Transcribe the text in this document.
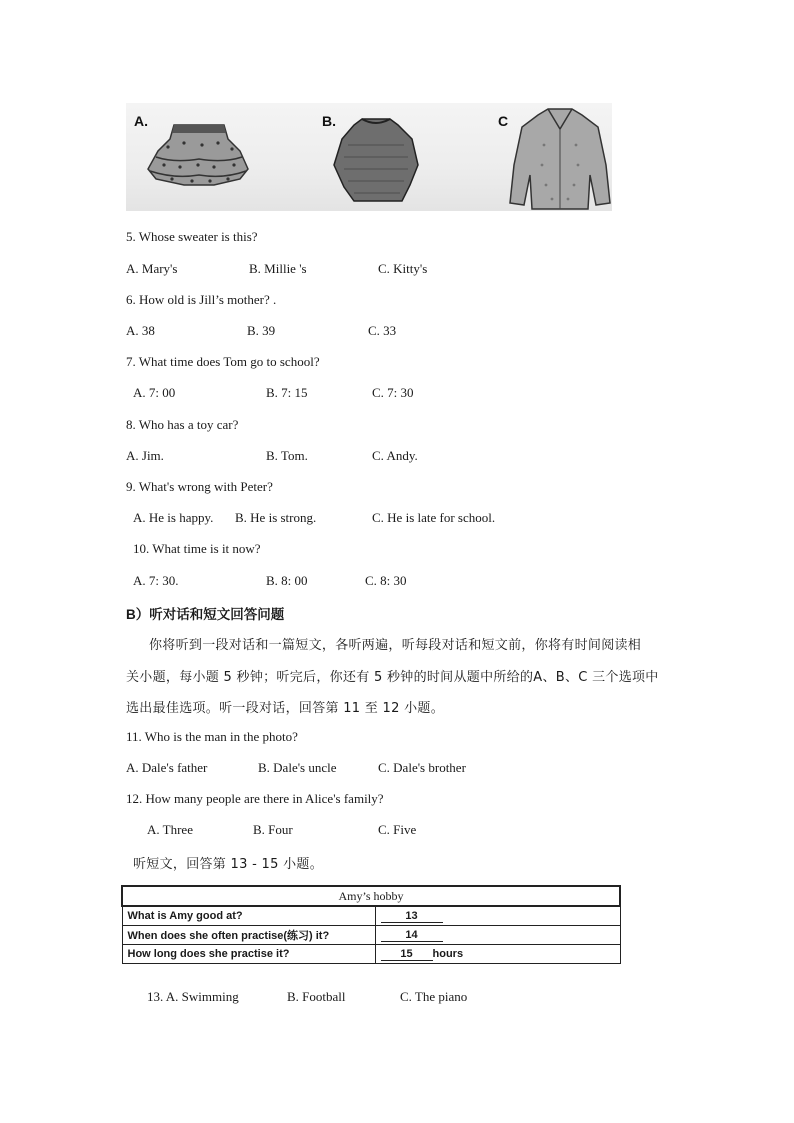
A.	B.	C
5. Whose sweater is this?
A. Mary's	B. Millie 's	C. Kitty's
6. How old is Jill’s mother? .
A. 38	B. 39	C. 33
7. What time does Tom go to school?
A. 7: 00	B. 7: 15	C. 7: 30
8. Who has a toy car?
A. Jim.	B. Tom.	C. Andy.
9. What's wrong with Peter?
A. He is happy. B. He is strong.	C. He is late for school.
10. What time is it now?
A. 7: 30.	B. 8: 00	C. 8: 30
B）听对话和短文回答问题
你将听到一段对话和一篇短文，各听两遍，听每段对话和短文前，你将有时间阅读相
关小题，每小题 5 秒钟；听完后，你还有 5 秒钟的时间从题中所给的A、B、C 三个选项中
选出最佳选项。听一段对话，回答第 11 至 12 小题。
11. Who is the man in the photo?
A. Dale's father	B. Dale's uncle	C. Dale's brother
12. How many people are there in Alice's family?
A. Three	B. Four	C. Five
听短文，回答第 13 - 15 小题。
Amy’s hobby	
What is Amy good at?	13
When does she often practise(练习) it?	14
How long does she practise it?	15 hours
13. A. Swimming	B. Football	C. The piano
